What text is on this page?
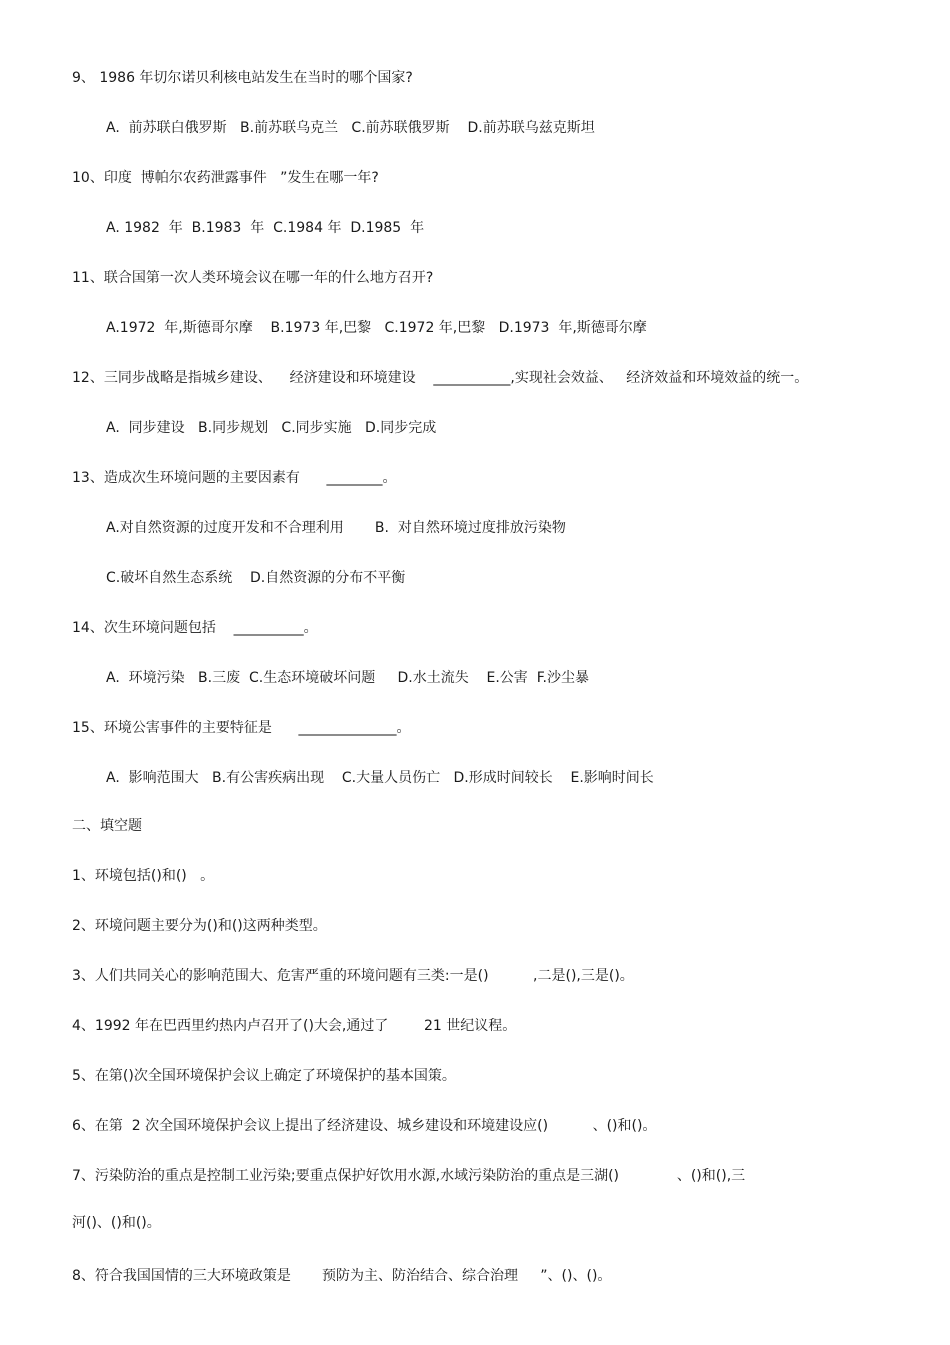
9、 1986 年切尔诺贝利核电站发生在当时的哪个国家?
A.  前苏联白俄罗斯   B.前苏联乌克兰   C.前苏联俄罗斯    D.前苏联乌兹克斯坦
10、印度  博帕尔农药泄露事件   ”发生在哪一年?
A. 1982  年  B.1983  年  C.1984 年  D.1985  年
11、联合国第一次人类环境会议在哪一年的什么地方召开?
A.1972  年,斯德哥尔摩    B.1973 年,巴黎   C.1972 年,巴黎   D.1973  年,斯德哥尔摩
12、三同步战略是指城乡建设、    经济建设和环境建设    ___________,实现社会效益、   经济效益和环境效益的统一。
A.  同步建设   B.同步规划   C.同步实施   D.同步完成
13、造成次生环境问题的主要因素有      ________。
A.对自然资源的过度开发和不合理利用       B.  对自然环境过度排放污染物
C.破坏自然生态系统    D.自然资源的分布不平衡
14、次生环境问题包括    __________。
A.  环境污染   B.三废  C.生态环境破坏问题     D.水土流失    E.公害  F.沙尘暴
15、环境公害事件的主要特征是      ______________。
A.  影响范围大   B.有公害疾病出现    C.大量人员伤亡   D.形成时间较长    E.影响时间长
二、填空题
1、环境包括()和()   。
2、环境问题主要分为()和()这两种类型。
3、人们共同关心的影响范围大、危害严重的环境问题有三类:一是()          ,二是(),三是()。
4、1992 年在巴西里约热内卢召开了()大会,通过了        21 世纪议程。
5、在第()次全国环境保护会议上确定了环境保护的基本国策。
6、在第  2 次全国环境保护会议上提出了经济建设、城乡建设和环境建设应()          、()和()。
7、污染防治的重点是控制工业污染;要重点保护好饮用水源,水域污染防治的重点是三湖()             、()和(),三
河()、()和()。
8、符合我国国情的三大环境政策是       预防为主、防治结合、综合治理     ”、()、()。
